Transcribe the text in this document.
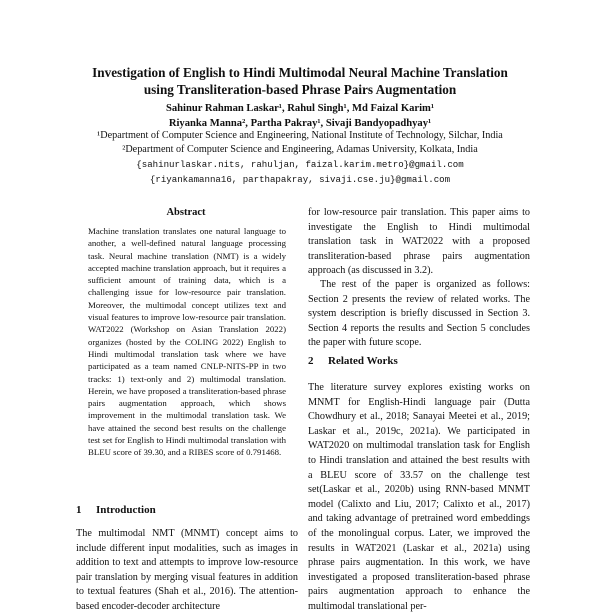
Investigation of English to Hindi Multimodal Neural Machine Translation
using Transliteration-based Phrase Pairs Augmentation
Sahinur Rahman Laskar¹, Rahul Singh¹, Md Faizal Karim¹
Riyanka Manna², Partha Pakray¹, Sivaji Bandyopadhyay¹
¹Department of Computer Science and Engineering, National Institute of Technology, Silchar, India
²Department of Computer Science and Engineering, Adamas University, Kolkata, India
{sahinurlaskar.nits, rahuljan, faizal.karim.metro}@gmail.com
{riyankamanna16, parthapakray, sivaji.cse.ju}@gmail.com
Abstract

Machine translation translates one natural language to another, a well-defined natural language processing task. Neural machine translation (NMT) is a widely accepted machine translation approach, but it requires a sufficient amount of training data, which is a challenging issue for low-resource pair translation. Moreover, the multimodal concept utilizes text and visual features to improve low-resource pair translation. WAT2022 (Workshop on Asian Translation 2022) organizes (hosted by the COLING 2022) English to Hindi multimodal translation task where we have participated as a team named CNLP-NITS-PP in two tracks: 1) text-only and 2) multimodal translation. Herein, we have proposed a transliteration-based phrase pairs augmentation approach, which shows improvement in the multimodal translation task. We have attained the second best results on the challenge test set for English to Hindi multimodal translation with BLEU score of 39.30, and a RIBES score of 0.791468.

1 Introduction

The multimodal NMT (MNMT) concept aims to include different input modalities, such as images in addition to text and attempts to improve low-resource pair translation by merging visual features in addition to textual features (Shah et al., 2016). The attention-based encoder-decoder architecture

for low-resource pair translation. This paper aims to investigate the English to Hindi multimodal translation task in WAT2022 with a proposed transliteration-based phrase pairs augmentation approach (as discussed in 3.2).

The rest of the paper is organized as follows: Section 2 presents the review of related works. The system description is briefly discussed in Section 3. Section 4 reports the results and Section 5 concludes the paper with future scope.

2 Related Works

The literature survey explores existing works on MNMT for English-Hindi language pair (Dutta Chowdhury et al., 2018; Sanayai Meetei et al., 2019; Laskar et al., 2019c, 2021a). We participated in WAT2020 on multimodal translation task for English to Hindi translation and attained the best results with a BLEU score of 33.57 on the challenge test set(Laskar et al., 2020b) using RNN-based MNMT model (Calixto and Liu, 2017; Calixto et al., 2017) and taking advantage of pretrained word embeddings of the monolingual corpus. Later, we improved the results in WAT2021 (Laskar et al., 2021a) using phrase pairs augmentation. In this work, we have investigated a proposed transliteration-based phrase pairs augmentation approach to enhance the multimodal translational per-
